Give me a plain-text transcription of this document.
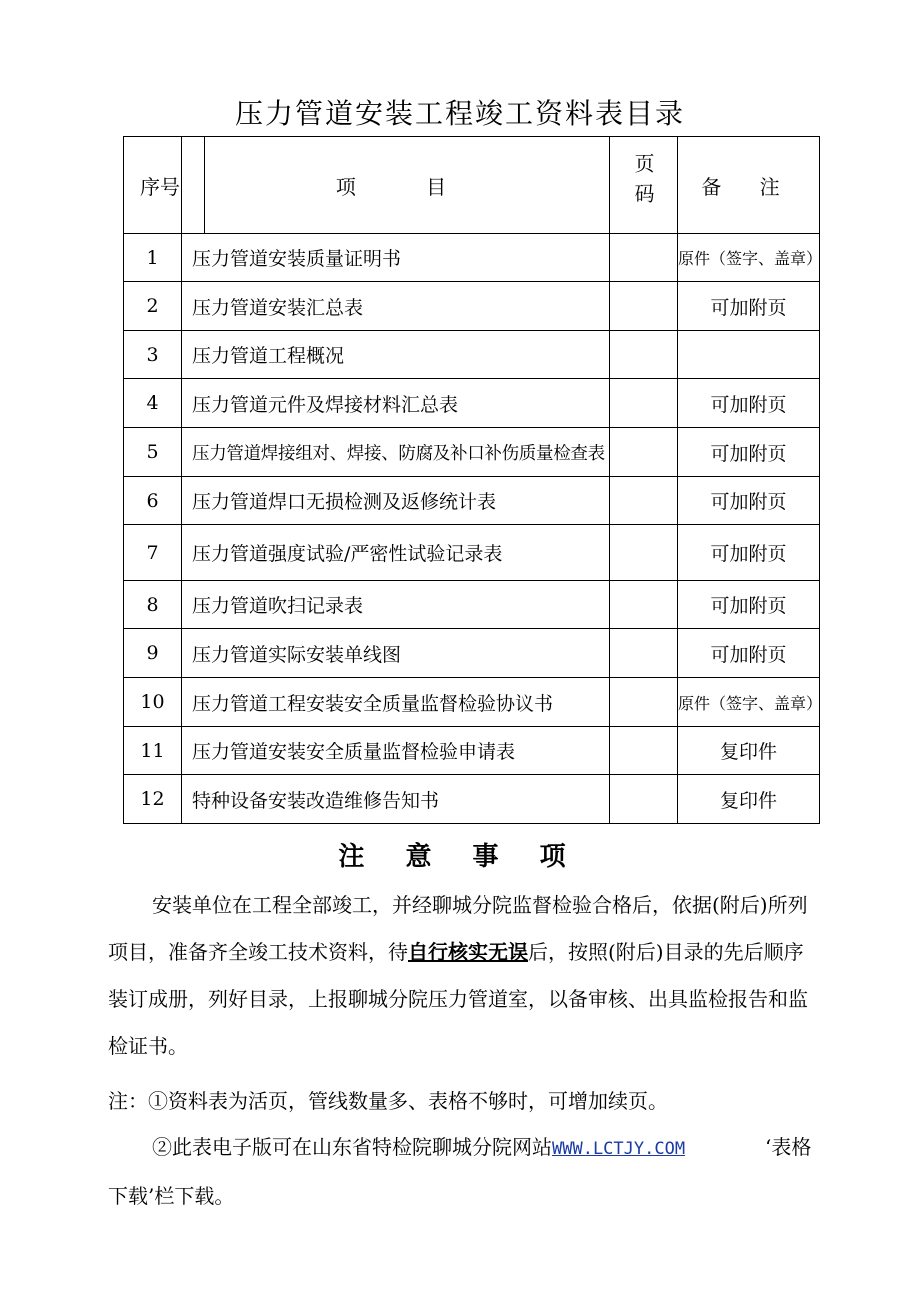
压力管道安装工程竣工资料表目录
序号	项 目	页码	备 注
1	压力管道安装质量证明书		原件（签字、盖章）
2	压力管道安装汇总表		可加附页
3	压力管道工程概况		
4	压力管道元件及焊接材料汇总表		可加附页
5	压力管道焊接组对、焊接、防腐及补口补伤质量检查表		可加附页
6	压力管道焊口无损检测及返修统计表		可加附页
7	压力管道强度试验/严密性试验记录表		可加附页
8	压力管道吹扫记录表		可加附页
9	压力管道实际安装单线图		可加附页
10	压力管道工程安装安全质量监督检验协议书		原件（签字、盖章）
11	压力管道安装安全质量监督检验申请表		复印件
12	特种设备安装改造维修告知书		复印件
注 意 事 项
安装单位在工程全部竣工，并经聊城分院监督检验合格后，依据(附后)所列项目，准备齐全竣工技术资料，待自行核实无误后，按照(附后)目录的先后顺序装订成册，列好目录，上报聊城分院压力管道室，以备审核、出具监检报告和监检证书。
注：①资料表为活页，管线数量多、表格不够时，可增加续页。
②此表电子版可在山东省特检院聊城分院网站WWW.LCTJY.COM　　　　‘表格下载’栏下载。
